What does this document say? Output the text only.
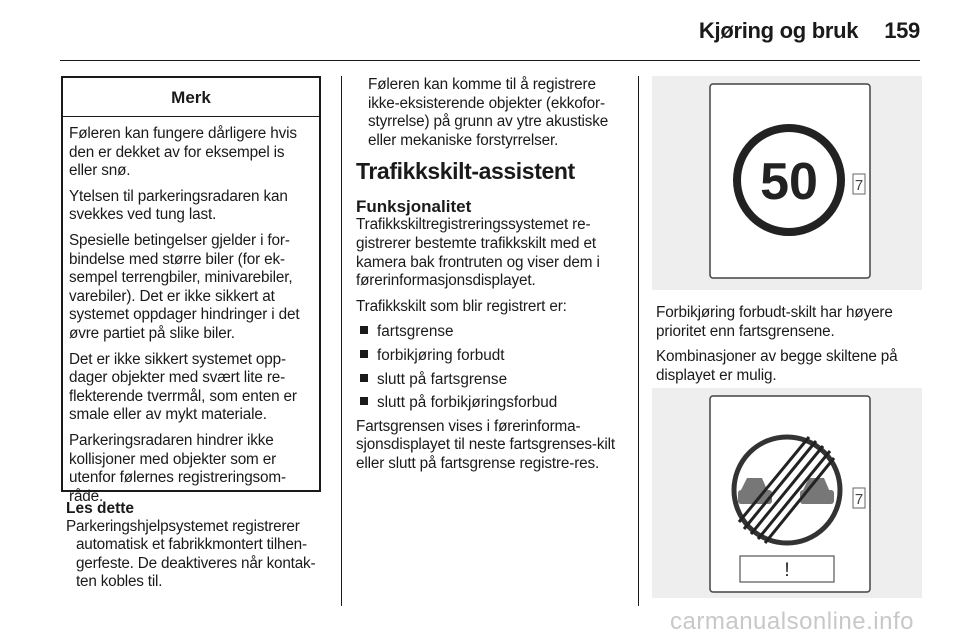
Kjøring og bruk 159
Merk

Føleren kan fungere dårligere hvis den er dekket av for eksempel is eller snø.

Ytelsen til parkeringsradaren kan svekkes ved tung last.

Spesielle betingelser gjelder i for-bindelse med større biler (for ek-sempel terrengbiler, minivarebiler, varebiler). Det er ikke sikkert at systemet oppdager hindringer i det øvre partiet på slike biler.

Det er ikke sikkert systemet opp-dager objekter med svært lite re-flekterende tverrmål, som enten er smale eller av mykt materiale.

Parkeringsradaren hindrer ikke kollisjoner med objekter som er utenfor følernes registreringsom-råde.

Les dette

Parkeringshjelpsystemet registrerer
automatisk et fabrikkmontert tilhen-
gerfeste. De deaktiveres når kontak-
ten kobles til.

Føleren kan komme til å registrere ikke-eksisterende objekter (ekkofor-styrrelse) på grunn av ytre akustiske eller mekaniske forstyrrelser.

Trafikkskilt-assistent
Funksjonalitet

Trafikkskiltregistreringssystemet re-gistrerer bestemte trafikkskilt med et kamera bak frontruten og viser dem i førerinformasjonsdisplayet.

Trafikkskilt som blir registrert er:

fartsgrense
forbikjøring forbudt
slutt på fartsgrense
slutt på forbikjøringsforbud

Fartsgrensen vises i førerinforma-sjonsdisplayet til neste fartsgrenses-kilt eller slutt på fartsgrense registre-res.

50 7

Forbikjøring forbudt-skilt har høyere prioritet enn fartsgrensene.

Kombinasjoner av begge skiltene på displayet er mulig.

7
!
carmanualsonline.info
